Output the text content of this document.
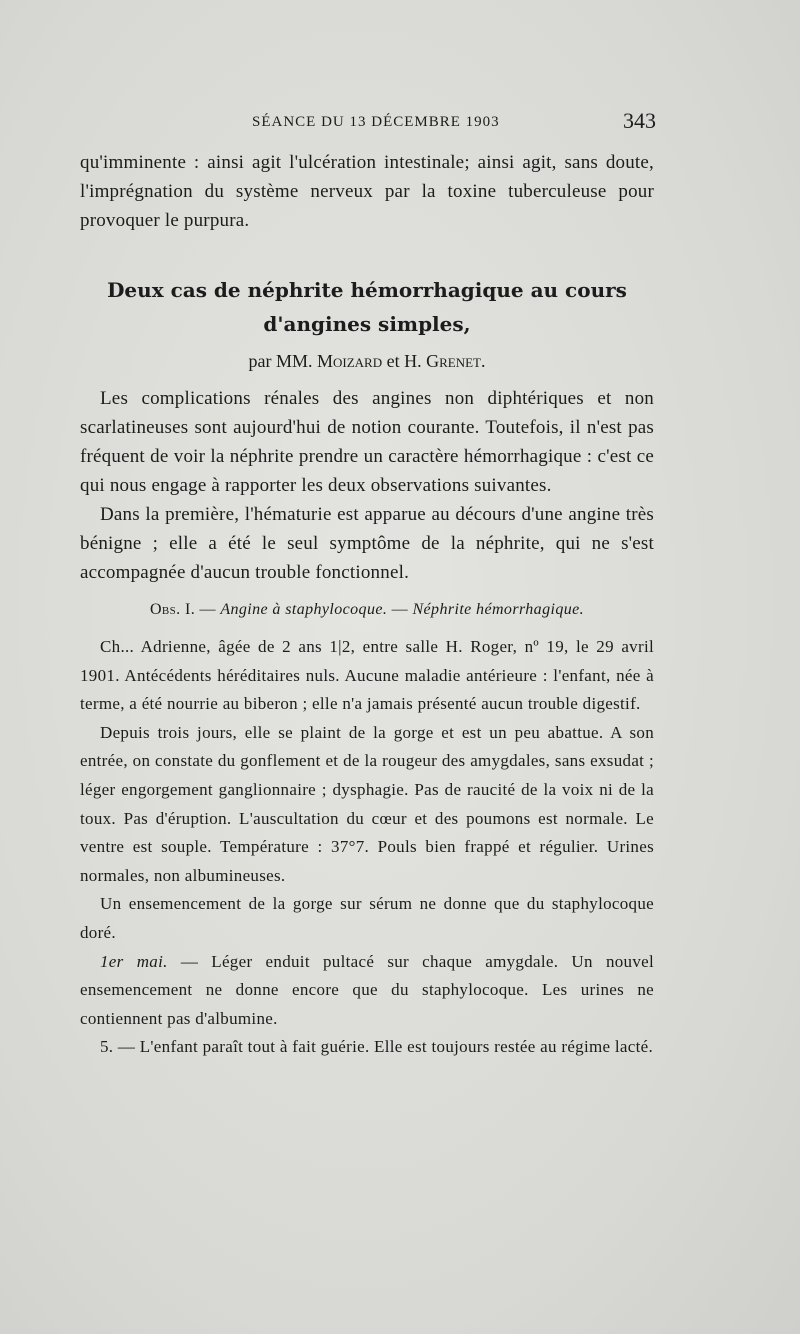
SÉANCE DU 13 DÉCEMBRE 1903	343

qu'imminente : ainsi agit l'ulcération intestinale; ainsi agit, sans doute, l'imprégnation du système nerveux par la toxine tuberculeuse pour provoquer le purpura.

Deux cas de néphrite hémorrhagique au cours
d'angines simples,
par MM. Moizard et H. Grenet.

Les complications rénales des angines non diphtériques et non scarlatineuses sont aujourd'hui de notion courante. Toutefois, il n'est pas fréquent de voir la néphrite prendre un caractère hémorrhagique : c'est ce qui nous engage à rapporter les deux observations suivantes.

Dans la première, l'hématurie est apparue au décours d'une angine très bénigne ; elle a été le seul symptôme de la néphrite, qui ne s'est accompagnée d'aucun trouble fonctionnel.

Obs. I. — Angine à staphylocoque. — Néphrite hémorrhagique.

Ch... Adrienne, âgée de 2 ans 1|2, entre salle H. Roger, nº 19, le 29 avril 1901. Antécédents héréditaires nuls. Aucune maladie antérieure : l'enfant, née à terme, a été nourrie au biberon ; elle n'a jamais présenté aucun trouble digestif.

Depuis trois jours, elle se plaint de la gorge et est un peu abattue. A son entrée, on constate du gonflement et de la rougeur des amygdales, sans exsudat ; léger engorgement ganglionnaire ; dysphagie. Pas de raucité de la voix ni de la toux. Pas d'éruption. L'auscultation du cœur et des poumons est normale. Le ventre est souple. Température : 37°7. Pouls bien frappé et régulier. Urines normales, non albumineuses.

Un ensemencement de la gorge sur sérum ne donne que du staphylocoque doré.

1er mai. — Léger enduit pultacé sur chaque amygdale. Un nouvel ensemencement ne donne encore que du staphylocoque. Les urines ne contiennent pas d'albumine.

5. — L'enfant paraît tout à fait guérie. Elle est toujours restée au régime lacté.
